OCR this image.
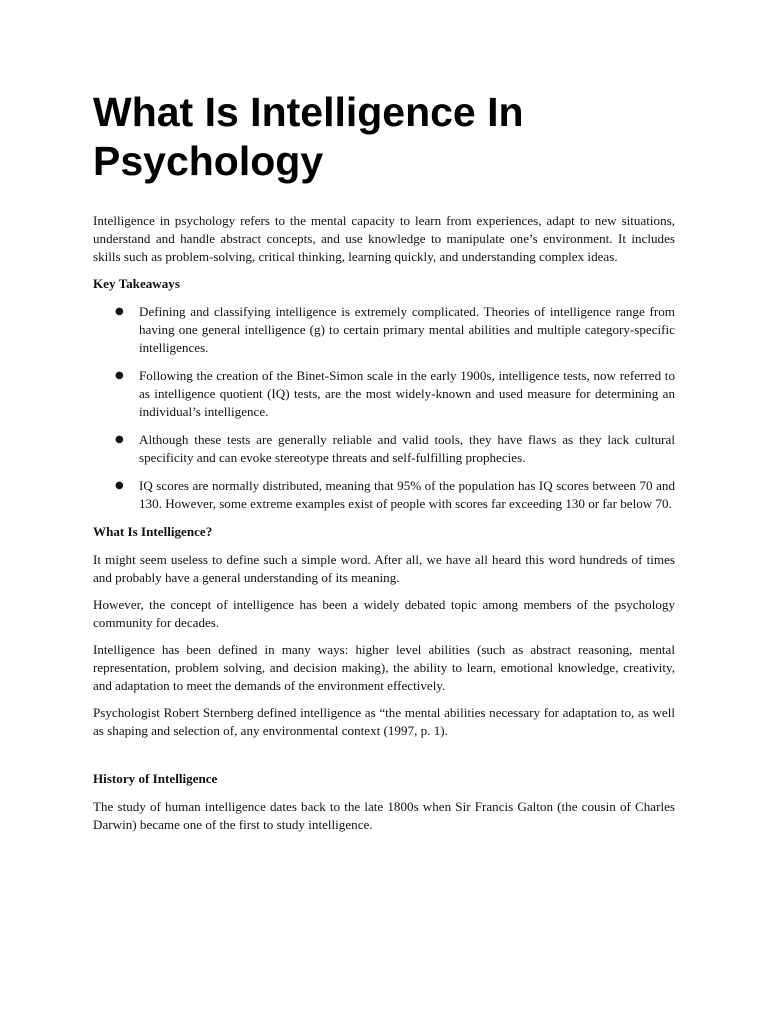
What Is Intelligence In Psychology

Intelligence in psychology refers to the mental capacity to learn from experiences, adapt to new situations, understand and handle abstract concepts, and use knowledge to manipulate one’s environment. It includes skills such as problem-solving, critical thinking, learning quickly, and understanding complex ideas.

Key Takeaways
● Defining and classifying intelligence is extremely complicated. Theories of intelligence range from having one general intelligence (g) to certain primary mental abilities and multiple category-specific intelligences.

● Following the creation of the Binet-Simon scale in the early 1900s, intelligence tests, now referred to as intelligence quotient (IQ) tests, are the most widely-known and used measure for determining an individual’s intelligence.

● Although these tests are generally reliable and valid tools, they have flaws as they lack cultural specificity and can evoke stereotype threats and self-fulfilling prophecies.

● IQ scores are normally distributed, meaning that 95% of the population has IQ scores between 70 and 130. However, some extreme examples exist of people with scores far exceeding 130 or far below 70.

What Is Intelligence?

It might seem useless to define such a simple word. After all, we have all heard this word hundreds of times and probably have a general understanding of its meaning.

However, the concept of intelligence has been a widely debated topic among members of the psychology community for decades.

Intelligence has been defined in many ways: higher level abilities (such as abstract reasoning, mental representation, problem solving, and decision making), the ability to learn, emotional knowledge, creativity, and adaptation to meet the demands of the environment effectively.

Psychologist Robert Sternberg defined intelligence as “the mental abilities necessary for adaptation to, as well as shaping and selection of, any environmental context (1997, p. 1).

History of Intelligence

The study of human intelligence dates back to the late 1800s when Sir Francis Galton (the cousin of Charles Darwin) became one of the first to study intelligence.
